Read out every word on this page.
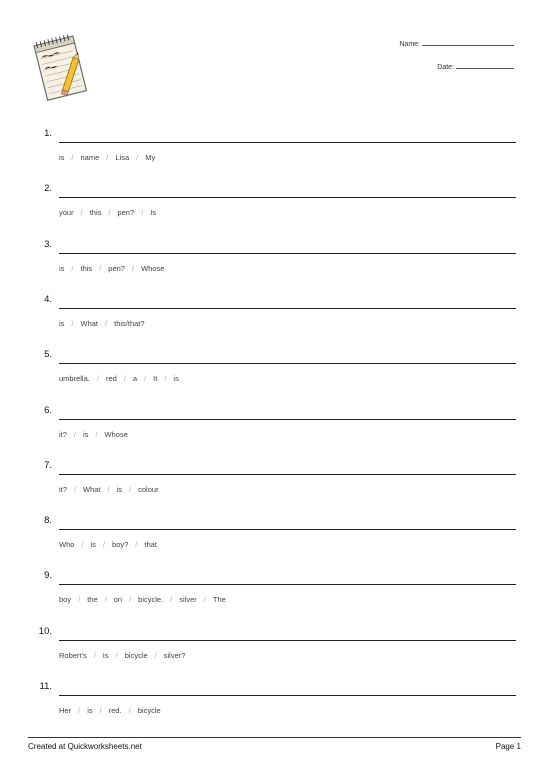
Name:
Date:
1.
is / name / Lisa / My
2.
your / this / pen? / Is
3.
is / this / pen? / Whose
4.
is / What / this/that?
5.
umbrella. / red / a / It / is
6.
it? / is / Whose
7.
it? / What / is / colour
8.
Who / is / boy? / that
9.
boy / the / on / bicycle. / silver / The
10.
Robert's / Is / bicycle / silver?
11.
Her / is / red. / bicycle
Created at Quickworksheets.net	Page 1
